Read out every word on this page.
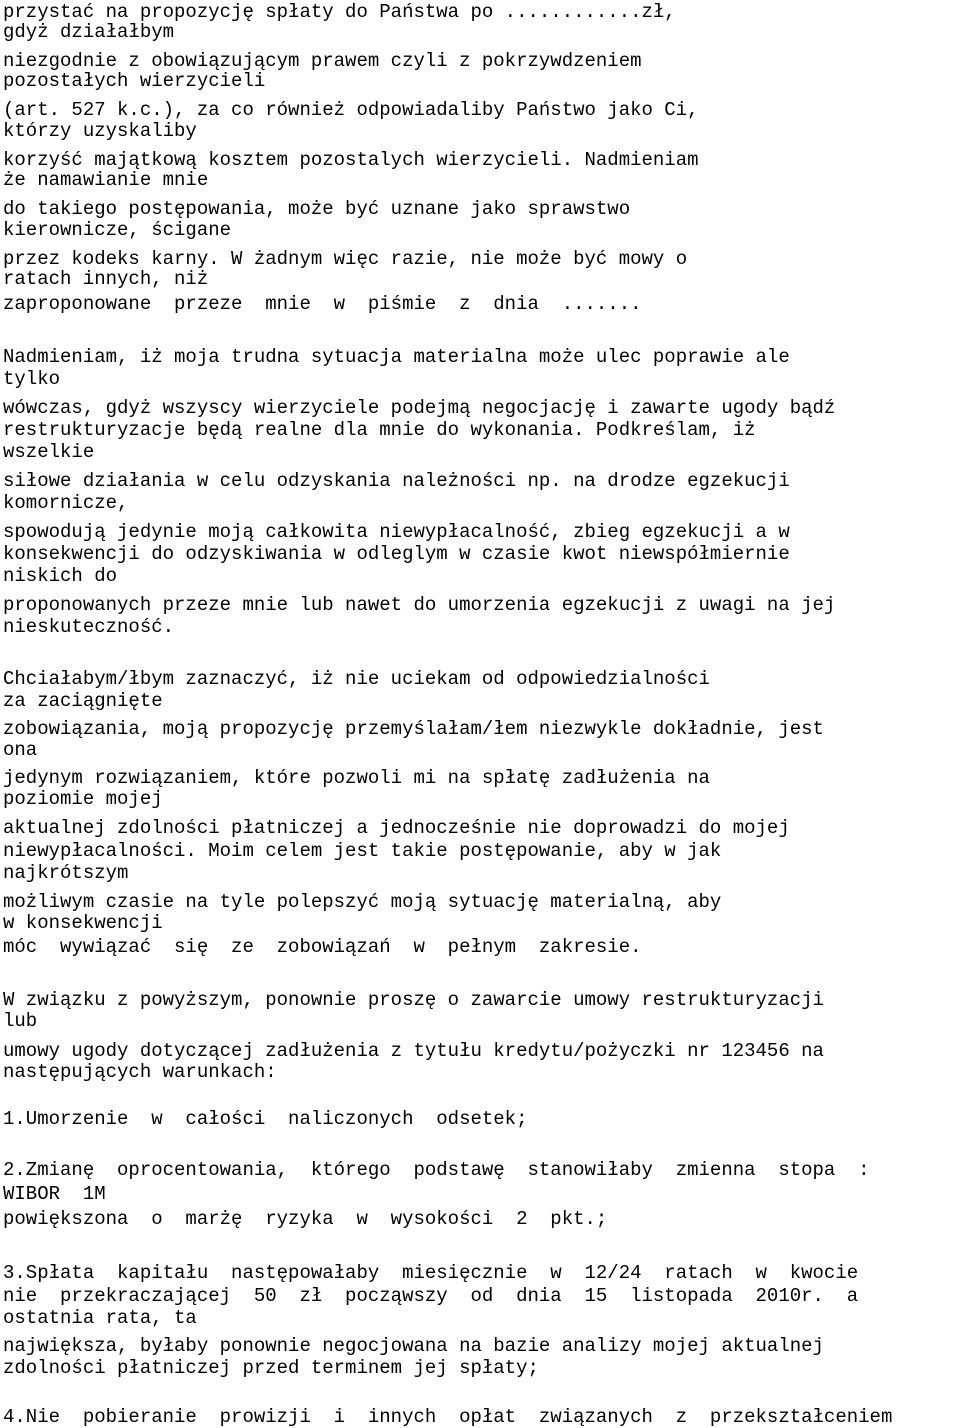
przystać na propozycję spłaty do Państwa po ............zł,

gdyż działałbym

niezgodnie z obowiązującym prawem czyli z pokrzywdzeniem

pozostałych wierzycieli

(art. 527 k.c.), za co również odpowiadaliby Państwo jako Ci,

którzy uzyskaliby

korzyść majątkową kosztem pozostalych wierzycieli. Nadmieniam

że namawianie mnie

do takiego postępowania, może być uznane jako sprawstwo

kierownicze, ścigane

przez kodeks karny. W żadnym więc razie, nie może być mowy o

ratach innych, niż

zaproponowane  przeze  mnie  w  piśmie  z  dnia  .......

Nadmieniam, iż moja trudna sytuacja materialna może ulec poprawie ale

tylko

wówczas, gdyż wszyscy wierzyciele podejmą negocjację i zawarte ugody bądź

restrukturyzacje będą realne dla mnie do wykonania. Podkreślam, iż

wszelkie

siłowe działania w celu odzyskania należności np. na drodze egzekucji

komornicze,

spowodują jedynie moją całkowita niewypłacalność, zbieg egzekucji a w

konsekwencji do odzyskiwania w odleglym w czasie kwot niewspółmiernie

niskich do

proponowanych przeze mnie lub nawet do umorzenia egzekucji z uwagi na jej

nieskuteczność.

Chciałabym/łbym zaznaczyć, iż nie uciekam od odpowiedzialności

za zaciągnięte

zobowiązania, moją propozycję przemyślałam/łem niezwykle dokładnie, jest

ona

jedynym rozwiązaniem, które pozwoli mi na spłatę zadłużenia na

poziomie mojej

aktualnej zdolności płatniczej a jednocześnie nie doprowadzi do mojej

niewypłacalności. Moim celem jest takie postępowanie, aby w jak

najkrótszym

możliwym czasie na tyle polepszyć moją sytuację materialną, aby

w konsekwencji

móc  wywiązać  się  ze  zobowiązań  w  pełnym  zakresie.

W związku z powyższym, ponownie proszę o zawarcie umowy restrukturyzacji

lub

umowy ugody dotyczącej zadłużenia z tytułu kredytu/pożyczki nr 123456 na

następujących warunkach:

1.Umorzenie  w  całości  naliczonych  odsetek;

2.Zmianę  oprocentowania,  którego  podstawę  stanowiłaby  zmienna  stopa  :

WIBOR  1M

powiększona  o  marżę  ryzyka  w  wysokości  2  pkt.;

3.Spłata  kapitału  następowałaby  miesięcznie  w  12/24  ratach  w  kwocie

nie  przekraczającej  50  zł  począwszy  od  dnia  15  listopada  2010r.  a

ostatnia rata, ta

największa, byłaby ponownie negocjowana na bazie analizy mojej aktualnej

zdolności płatniczej przed terminem jej spłaty;

4.Nie  pobieranie  prowizji  i  innych  opłat  związanych  z  przekształceniem
